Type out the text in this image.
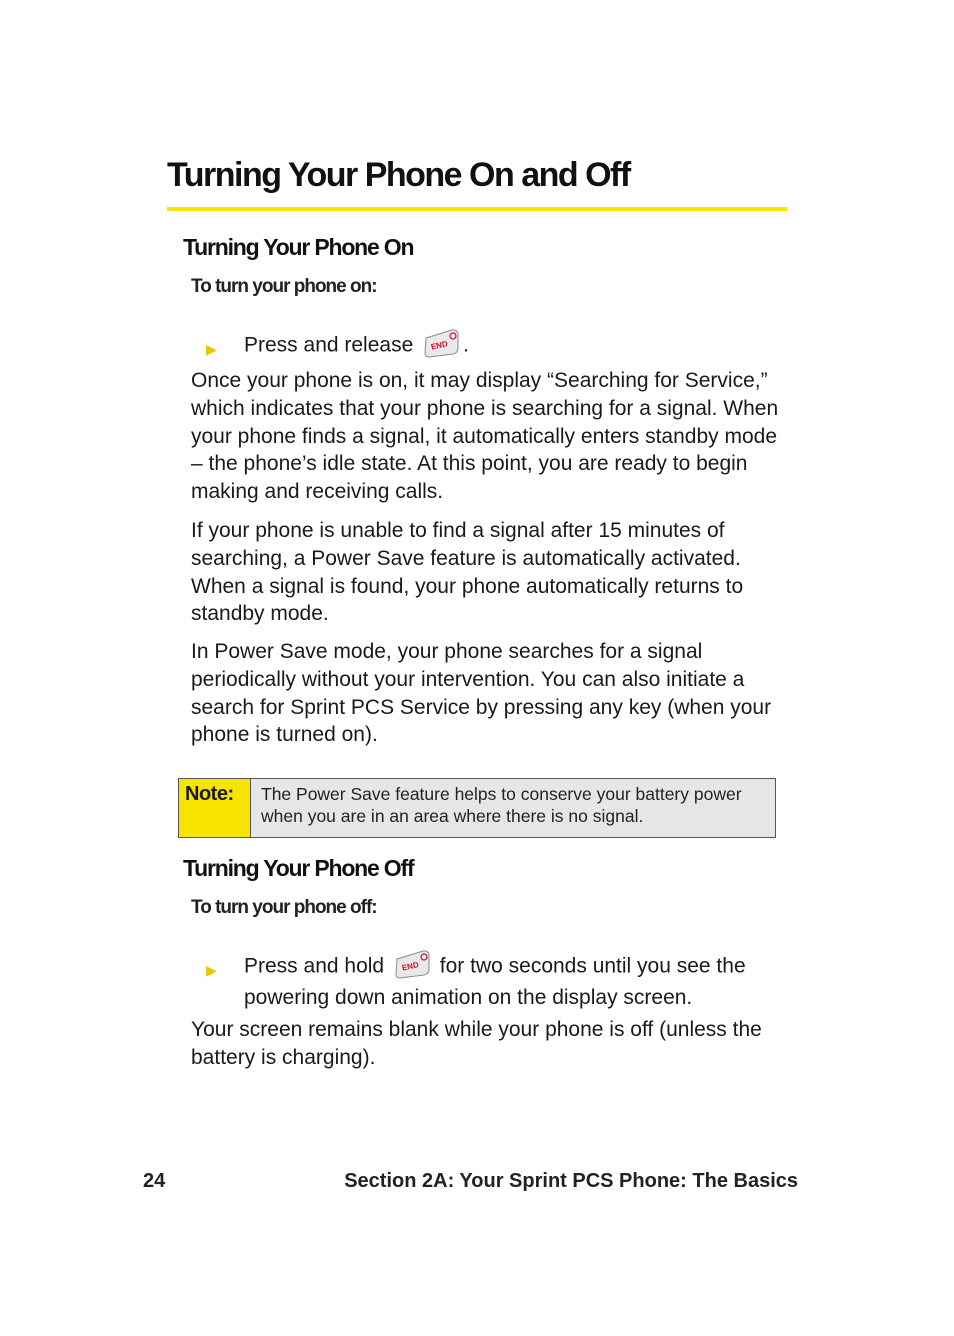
Turning Your Phone On and Off
Turning Your Phone On
To turn your phone on:
▶ Press and release END .

Once your phone is on, it may display “Searching for Service,” which indicates that your phone is searching for a signal. When your phone finds a signal, it automatically enters standby mode – the phone’s idle state. At this point, you are ready to begin making and receiving calls.

If your phone is unable to find a signal after 15 minutes of searching, a Power Save feature is automatically activated. When a signal is found, your phone automatically returns to standby mode.

In Power Save mode, your phone searches for a signal periodically without your intervention. You can also initiate a search for Sprint PCS Service by pressing any key (when your phone is turned on).

Note:	The Power Save feature helps to conserve your battery power when you are in an area where there is no signal.
Turning Your Phone Off
To turn your phone off:
▶ Press and hold END for two seconds until you see the powering down animation on the display screen.

Your screen remains blank while your phone is off (unless the battery is charging).

24	Section 2A: Your Sprint PCS Phone: The Basics
